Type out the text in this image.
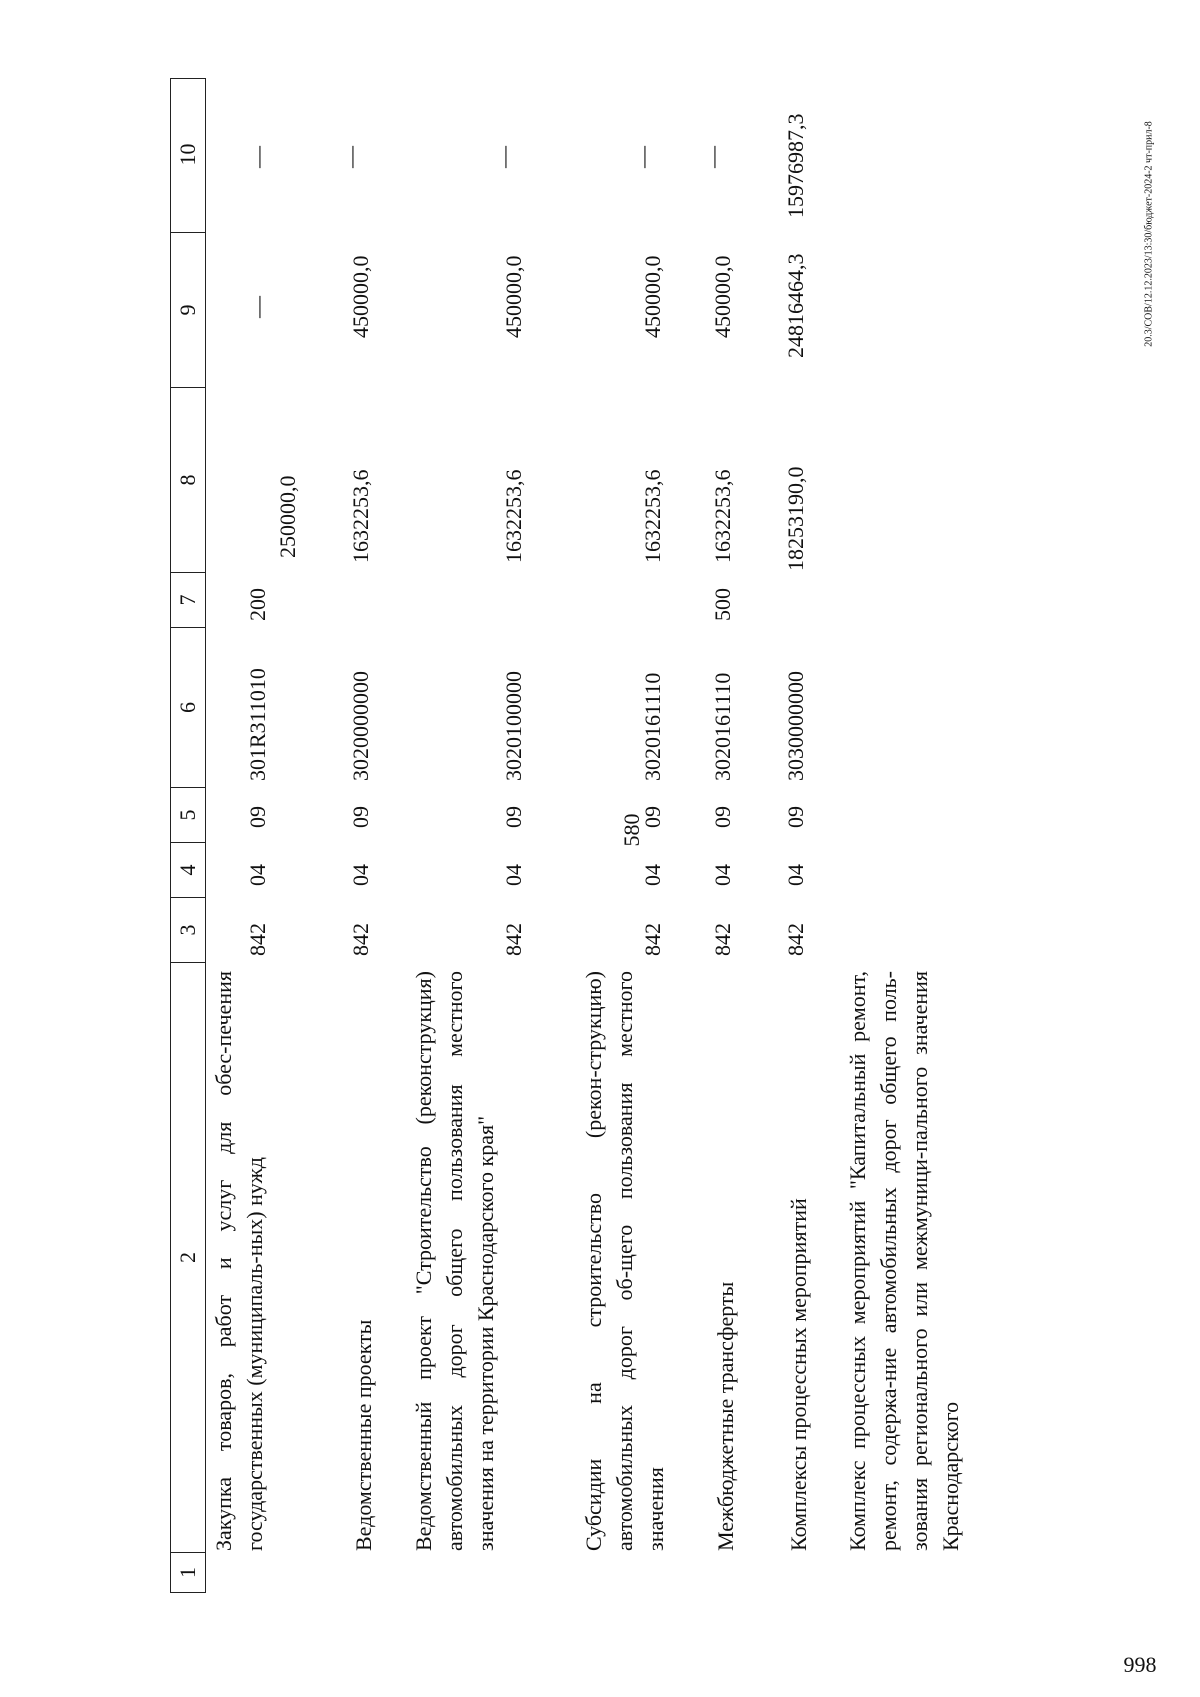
580
998
20.3/СОВ/12.12.2023/13:30/бюджет-2024-2 чт-прил-8
1
2
3
4
5
6
7
8
9
10
Закупка товаров, работ и услуг для обес-печения государственных (муниципаль-ных) нужд
842
04
09
301R311010
200
250000,0
—
—
Ведомственные проекты
842
04
09
3020000000
1632253,6
450000,0
—
Ведомственный проект "Строительство (реконструкция) автомобильных дорог общего пользования местного значения на территории Краснодарского края"
842
04
09
3020100000
1632253,6
450000,0
—
Субсидии на строительство (рекон-струкцию) автомобильных дорог об-щего пользования местного значения
842
04
09
3020161110
1632253,6
450000,0
—
Межбюджетные трансферты
842
04
09
3020161110
500
1632253,6
450000,0
—
Комплексы процессных мероприятий
842
04
09
3030000000
18253190,0
24816464,3
15976987,3
Комплекс процессных мероприятий "Капитальный ремонт, ремонт, содержа-ние автомобильных дорог общего поль-зования регионального или межмуници-пального значения Краснодарского
